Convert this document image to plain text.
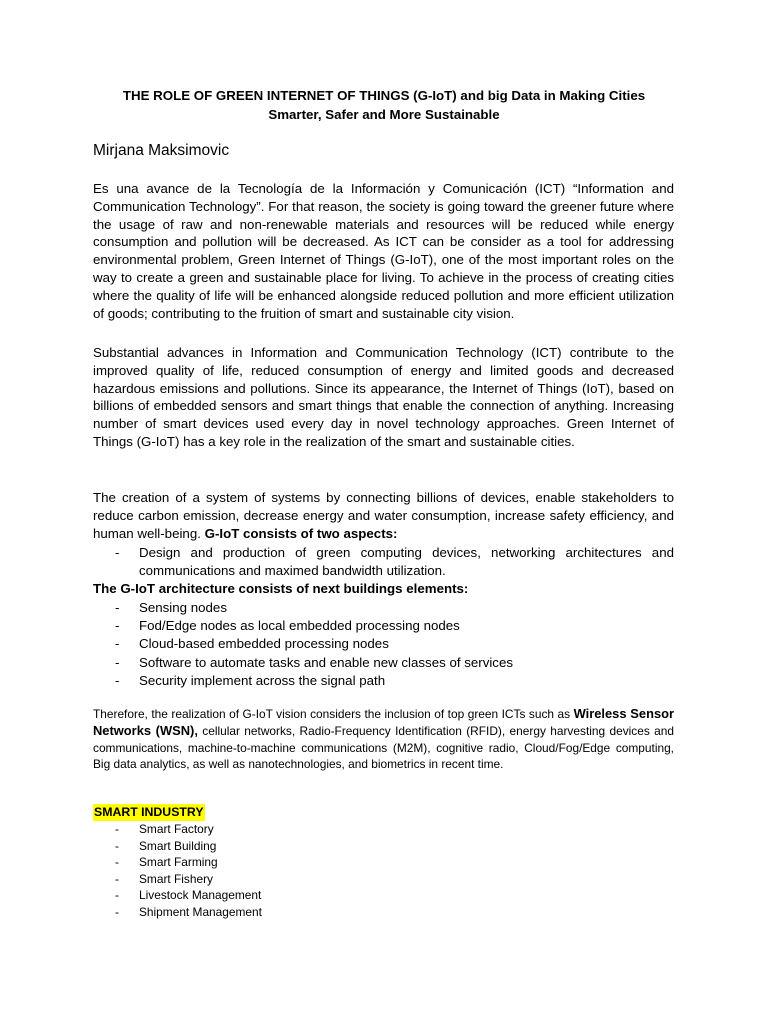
THE ROLE OF GREEN INTERNET OF THINGS (G-IoT) and big Data in Making Cities
Smarter, Safer and More Sustainable

Mirjana Maksimovic

Es una avance de la Tecnología de la Información y Comunicación (ICT) “Information and Communication Technology”. For that reason, the society is going toward the greener future where the usage of raw and non-renewable materials and resources will be reduced while energy consumption and pollution will be decreased. As ICT can be consider as a tool for addressing environmental problem, Green Internet of Things (G-IoT), one of the most important roles on the way to create a green and sustainable place for living. To achieve in the process of creating cities where the quality of life will be enhanced alongside reduced pollution and more efficient utilization of goods; contributing to the fruition of smart and sustainable city vision.

Substantial advances in Information and Communication Technology (ICT) contribute to the improved quality of life, reduced consumption of energy and limited goods and decreased hazardous emissions and pollutions. Since its appearance, the Internet of Things (IoT), based on billions of embedded sensors and smart things that enable the connection of anything. Increasing number of smart devices used every day in novel technology approaches. Green Internet of Things (G-IoT) has a key role in the realization of the smart and sustainable cities.

The creation of a system of systems by connecting billions of devices, enable stakeholders to reduce carbon emission, decrease energy and water consumption, increase safety efficiency, and human well-being. G-IoT consists of two aspects:

- Design and production of green computing devices, networking architectures and communications and maximed bandwidth utilization.

The G-IoT architecture consists of next buildings elements:

- Sensing nodes
- Fod/Edge nodes as local embedded processing nodes
- Cloud-based embedded processing nodes
- Software to automate tasks and enable new classes of services
- Security implement across the signal path

Therefore, the realization of G-IoT vision considers the inclusion of top green ICTs such as Wireless Sensor Networks (WSN), cellular networks, Radio-Frequency Identification (RFID), energy harvesting devices and communications, machine-to-machine communications (M2M), cognitive radio, Cloud/Fog/Edge computing, Big data analytics, as well as nanotechnologies, and biometrics in recent time.

SMART INDUSTRY

- Smart Factory
- Smart Building
- Smart Farming
- Smart Fishery
- Livestock Management
- Shipment Management
